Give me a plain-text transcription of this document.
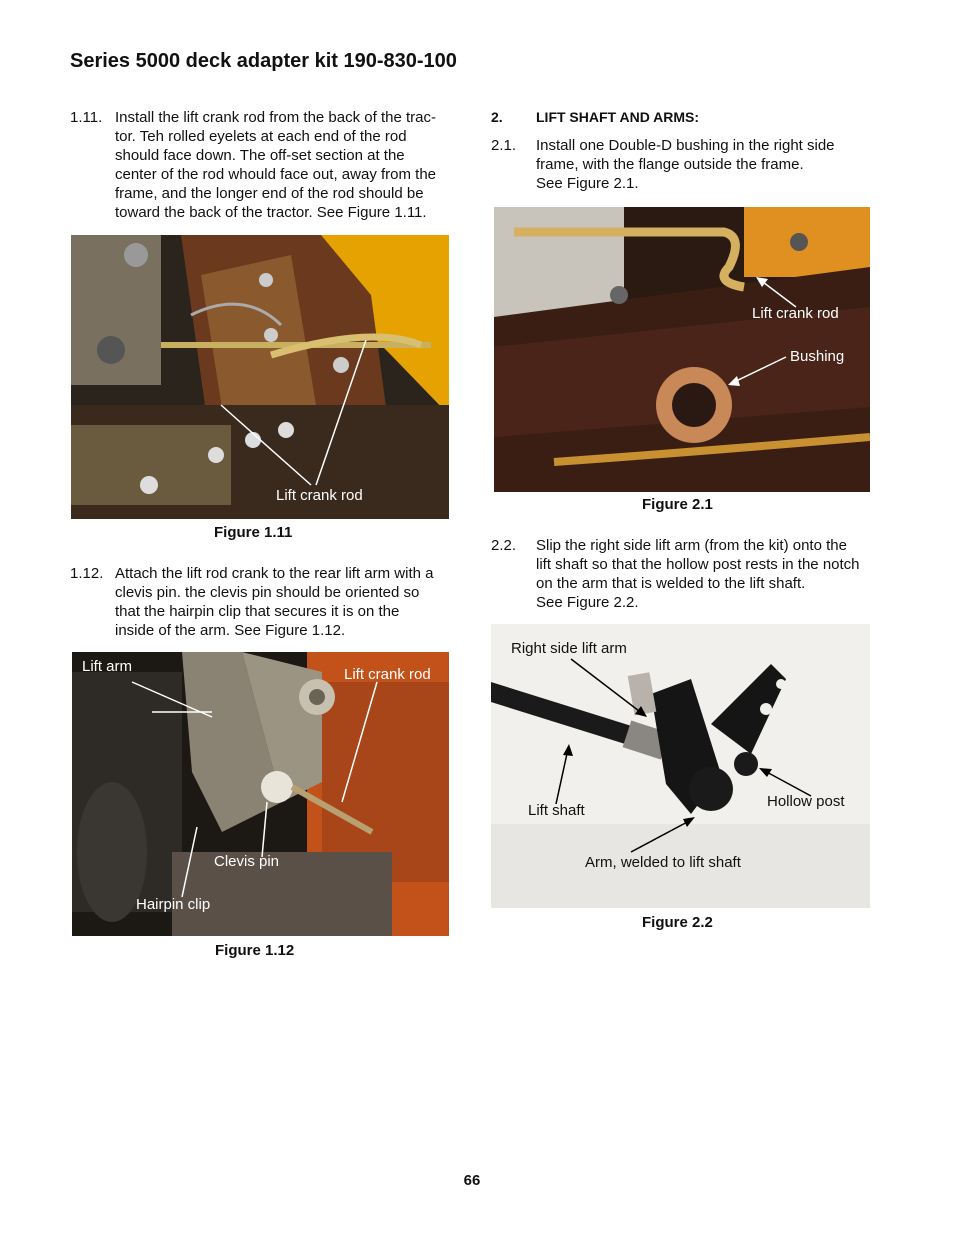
Series 5000 deck adapter kit 190-830-100
1.11. Install the lift crank rod from the back of the trac-
tor. Teh rolled eyelets at each end of the rod
should face down. The off-set section at the
center of the rod whould face out, away from the
frame, and the longer end of the rod should be
toward the back of the tractor. See Figure 1.11.
Lift crank rod
Figure 1.11
1.12. Attach the lift rod crank to the rear lift arm with a
clevis pin. the clevis pin should be oriented so
that the hairpin clip that secures it is on the
inside of the arm. See Figure 1.12.
Lift arm	Lift crank rod
Clevis pin
Hairpin clip
Figure 1.12
2. LIFT SHAFT AND ARMS:
2.1. Install one Double-D bushing in the right side
frame, with the flange outside the frame.
See Figure 2.1.
Lift crank rod
Bushing
Figure 2.1
2.2. Slip the right side lift arm (from the kit) onto the
lift shaft so that the hollow post rests in the notch
on the arm that is welded to the lift shaft.
See Figure 2.2.
Right side lift arm
Lift shaft
Hollow post
Arm, welded to lift shaft
Figure 2.2
66
